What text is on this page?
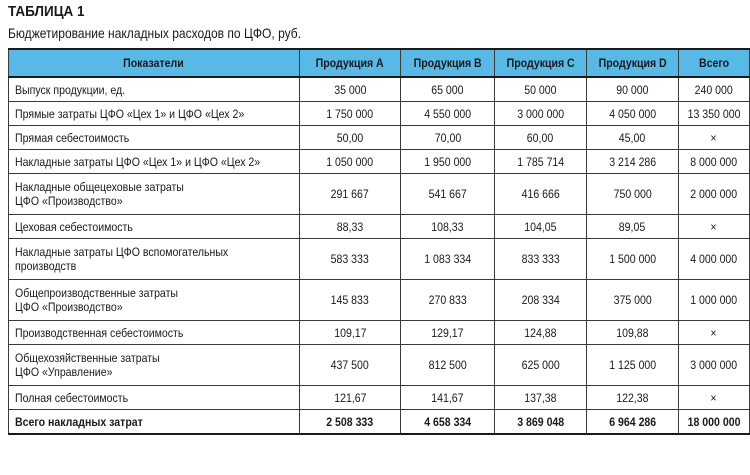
ТАБЛИЦА 1
Бюджетирование накладных расходов по ЦФО, руб.
Показатели	Продукция А	Продукция B	Продукция C	Продукция D	Всего
Выпуск продукции, ед.	35 000	65 000	50 000	90 000	240 000
Прямые затраты ЦФО «Цех 1» и ЦФО «Цех 2»	1 750 000	4 550 000	3 000 000	4 050 000	13 350 000
Прямая себестоимость	50,00	70,00	60,00	45,00	×
Накладные затраты ЦФО «Цех 1» и ЦФО «Цех 2»	1 050 000	1 950 000	1 785 714	3 214 286	8 000 000
Накладные общецеховые затраты
ЦФО «Производство»	291 667	541 667	416 666	750 000	2 000 000
Цеховая себестоимость	88,33	108,33	104,05	89,05	×
Накладные затраты ЦФО вспомогательных
производств	583 333	1 083 334	833 333	1 500 000	4 000 000
Общепроизводственные затраты
ЦФО «Производство»	145 833	270 833	208 334	375 000	1 000 000
Производственная себестоимость	109,17	129,17	124,88	109,88	×
Общехозяйственные затраты
ЦФО «Управление»	437 500	812 500	625 000	1 125 000	3 000 000
Полная себестоимость	121,67	141,67	137,38	122,38	×
Всего накладных затрат	2 508 333	4 658 334	3 869 048	6 964 286	18 000 000
